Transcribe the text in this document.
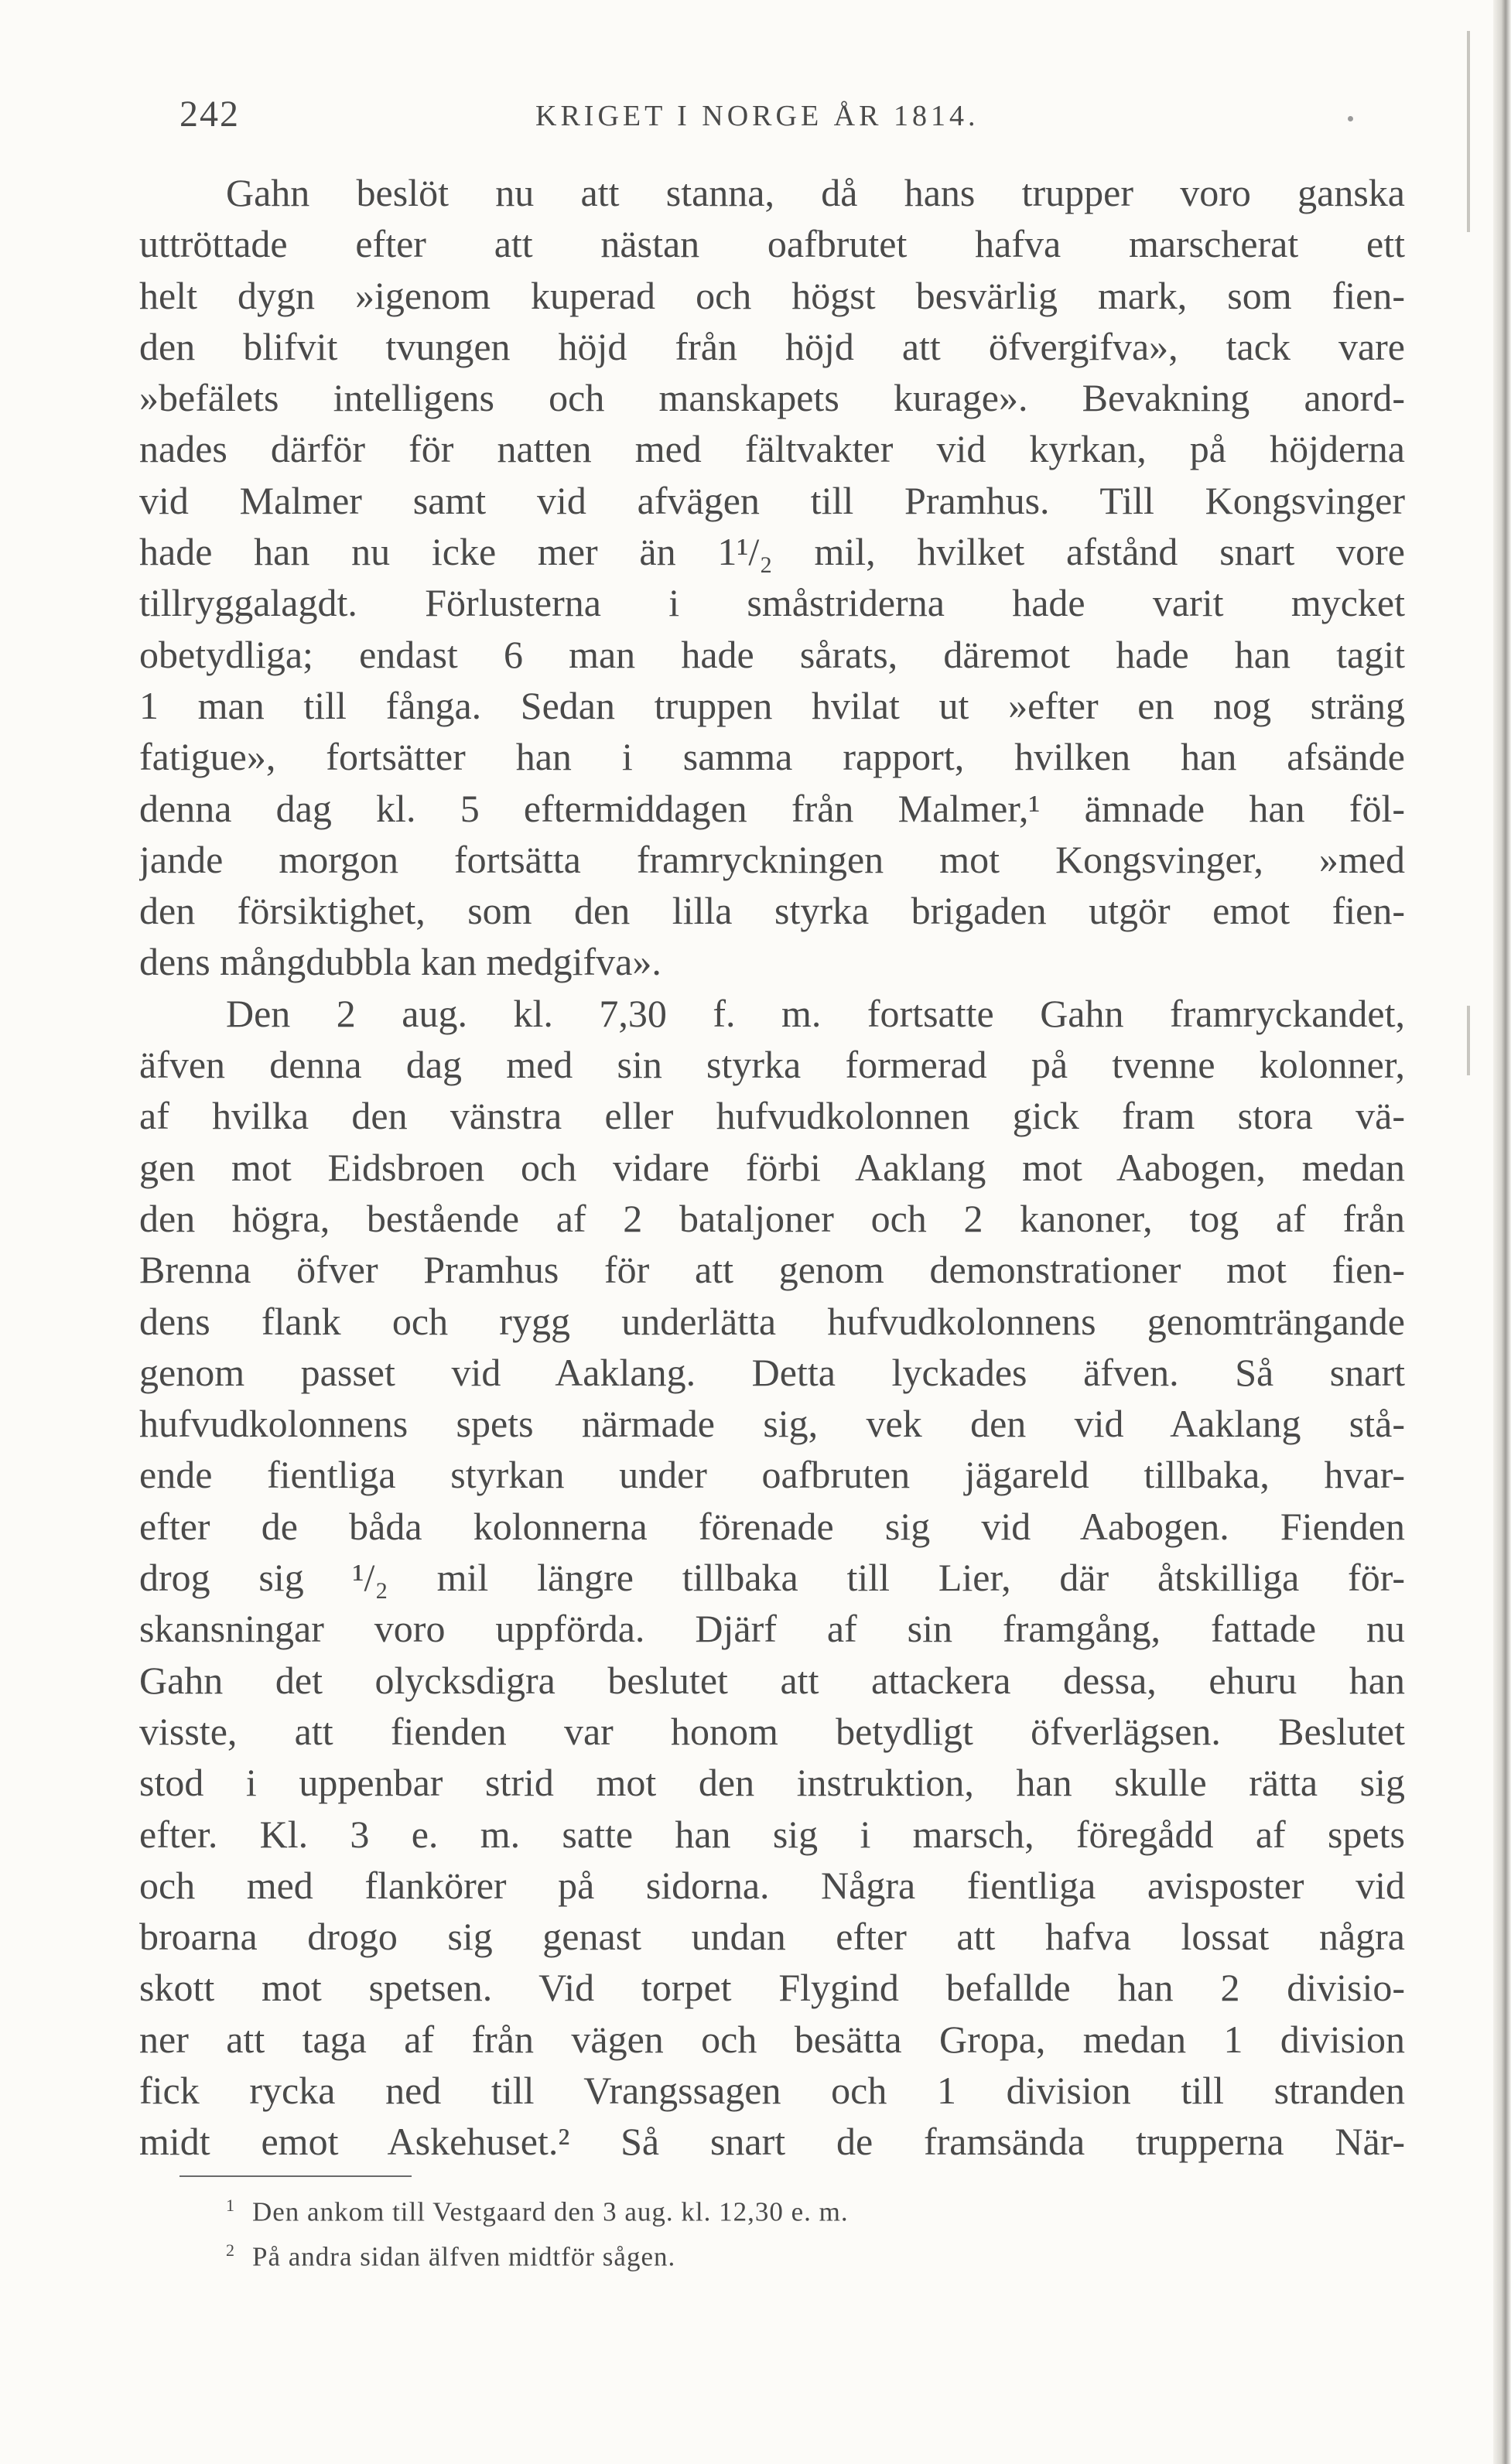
242	KRIGET I NORGE ÅR 1814.
Gahn beslöt nu att stanna, då hans trupper voro ganska
uttröttade efter att nästan oafbrutet hafva marscherat ett
helt dygn »igenom kuperad och högst besvärlig mark, som fien-
den blifvit tvungen höjd från höjd att öfvergifva», tack vare
»befälets intelligens och manskapets kurage». Bevakning anord-
nades därför för natten med fältvakter vid kyrkan, på höjderna
vid Malmer samt vid afvägen till Pramhus. Till Kongsvinger
hade han nu icke mer än 1¹/₂ mil, hvilket afstånd snart vore
tillryggalagdt. Förlusterna i småstriderna hade varit mycket
obetydliga; endast 6 man hade sårats, däremot hade han tagit
1 man till fånga. Sedan truppen hvilat ut »efter en nog sträng
fatigue», fortsätter han i samma rapport, hvilken han afsände
denna dag kl. 5 eftermiddagen från Malmer,¹ ämnade han föl-
jande morgon fortsätta framryckningen mot Kongsvinger, »med
den försiktighet, som den lilla styrka brigaden utgör emot fien-
dens mångdubbla kan medgifva».
Den 2 aug. kl. 7,30 f. m. fortsatte Gahn framryckandet,
äfven denna dag med sin styrka formerad på tvenne kolonner,
af hvilka den vänstra eller hufvudkolonnen gick fram stora vä-
gen mot Eidsbroen och vidare förbi Aaklang mot Aabogen, medan
den högra, bestående af 2 bataljoner och 2 kanoner, tog af från
Brenna öfver Pramhus för att genom demonstrationer mot fien-
dens flank och rygg underlätta hufvudkolonnens genomträngande
genom passet vid Aaklang. Detta lyckades äfven. Så snart
hufvudkolonnens spets närmade sig, vek den vid Aaklang stå-
ende fientliga styrkan under oafbruten jägareld tillbaka, hvar-
efter de båda kolonnerna förenade sig vid Aabogen. Fienden
drog sig ¹/₂ mil längre tillbaka till Lier, där åtskilliga för-
skansningar voro uppförda. Djärf af sin framgång, fattade nu
Gahn det olycksdigra beslutet att attackera dessa, ehuru han
visste, att fienden var honom betydligt öfverlägsen. Beslutet
stod i uppenbar strid mot den instruktion, han skulle rätta sig
efter. Kl. 3 e. m. satte han sig i marsch, föregådd af spets
och med flankörer på sidorna. Några fientliga avisposter vid
broarna drogo sig genast undan efter att hafva lossat några
skott mot spetsen. Vid torpet Flygind befallde han 2 divisio-
ner att taga af från vägen och besätta Gropa, medan 1 division
fick rycka ned till Vrangssagen och 1 division till stranden
midt emot Askehuset.² Så snart de framsända trupperna När-
$^1$ Den ankom till Vestgaard den 3 aug. kl. 12,30 e. m.
$^2$ På andra sidan älfven midtför sågen.
